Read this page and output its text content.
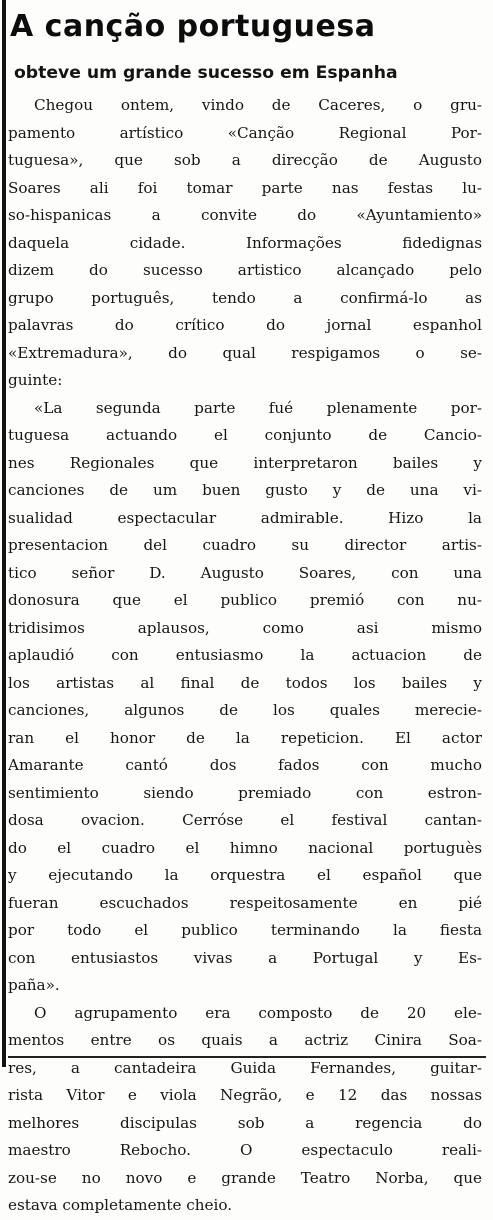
A canção portuguesa
obteve um grande sucesso em Espanha
Chegou ontem, vindo de Caceres, o gru-
pamento artístico «Canção Regional Por-
tuguesa», que sob a direcção de Augusto
Soares ali foi tomar parte nas festas lu-
so-hispanicas a convite do «Ayuntamiento»
daquela cidade. Informações fidedignas
dizem do sucesso artistico alcançado pelo
grupo português, tendo a confirmá-lo as
palavras do crítico do jornal espanhol
«Extremadura», do qual respigamos o se-
guinte:
«La segunda parte fué plenamente por-
tuguesa actuando el conjunto de Cancio-
nes Regionales que interpretaron bailes y
canciones de um buen gusto y de una vi-
sualidad espectacular admirable. Hizo la
presentacion del cuadro su director artis-
tico señor D. Augusto Soares, con una
donosura que el publico premió con nu-
tridisimos aplausos, como asi mismo
aplaudió con entusiasmo la actuacion de
los artistas al final de todos los bailes y
canciones, algunos de los quales merecie-
ran el honor de la repeticion. El actor
Amarante cantó dos fados con mucho
sentimiento siendo premiado con estron-
dosa ovacion. Cerróse el festival cantan-
do el cuadro el himno nacional portuguès
y ejecutando la orquestra el español que
fueran escuchados respeitosamente en pié
por todo el publico terminando la fiesta
con entusiastos vivas a Portugal y Es-
paña».
O agrupamento era composto de 20 ele-
mentos entre os quais a actriz Cinira Soa-
res, a cantadeira Guida Fernandes, guitar-
rista Vitor e viola Negrão, e 12 das nossas
melhores discipulas sob a regencia do
maestro Rebocho. O espectaculo reali-
zou-se no novo e grande Teatro Norba, que
estava completamente cheio.
